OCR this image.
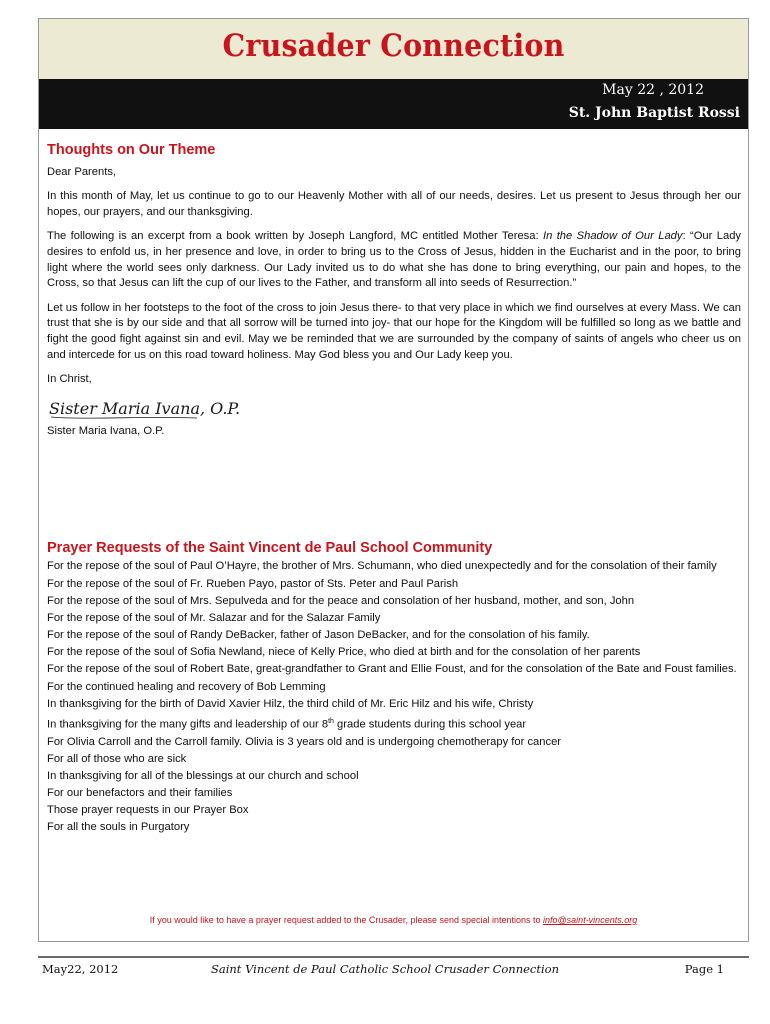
Crusader Connection
May 22 , 2012
St. John Baptist Rossi
Thoughts on Our Theme

Dear Parents,

In this month of May, let us continue to go to our Heavenly Mother with all of our needs, desires. Let us present to Jesus through her our hopes, our prayers, and our thanksgiving.

The following is an excerpt from a book written by Joseph Langford, MC entitled Mother Teresa: In the Shadow of Our Lady: “Our Lady desires to enfold us, in her presence and love, in order to bring us to the Cross of Jesus, hidden in the Eucharist and in the poor, to bring light where the world sees only darkness. Our Lady invited us to do what she has done to bring everything, our pain and hopes, to the Cross, so that Jesus can lift the cup of our lives to the Father, and transform all into seeds of Resurrection.”

Let us follow in her footsteps to the foot of the cross to join Jesus there- to that very place in which we find ourselves at every Mass. We can trust that she is by our side and that all sorrow will be turned into joy- that our hope for the Kingdom will be fulfilled so long as we battle and fight the good fight against sin and evil. May we be reminded that we are surrounded by the company of saints of angels who cheer us on and intercede for us on this road toward holiness. May God bless you and Our Lady keep you.

In Christ,

Sister Maria Ivana, O.P.

Sister Maria Ivana, O.P.

Prayer Requests of the Saint Vincent de Paul School Community
For the repose of the soul of Paul O’Hayre, the brother of Mrs. Schumann, who died unexpectedly and for the consolation of their family
For the repose of the soul of Fr. Rueben Payo, pastor of Sts. Peter and Paul Parish
For the repose of the soul of Mrs. Sepulveda and for the peace and consolation of her husband, mother, and son, John
For the repose of the soul of Mr. Salazar and for the Salazar Family
For the repose of the soul of Randy DeBacker, father of Jason DeBacker, and for the consolation of his family.
For the repose of the soul of Sofia Newland, niece of Kelly Price, who died at birth and for the consolation of her parents
For the repose of the soul of Robert Bate, great-grandfather to Grant and Ellie Foust, and for the consolation of the Bate and Foust families.
For the continued healing and recovery of Bob Lemming
In thanksgiving for the birth of David Xavier Hilz, the third child of Mr. Eric Hilz and his wife, Christy
In thanksgiving for the many gifts and leadership of our 8th grade students during this school year
For Olivia Carroll and the Carroll family. Olivia is 3 years old and is undergoing chemotherapy for cancer
For all of those who are sick
In thanksgiving for all of the blessings at our church and school
For our benefactors and their families
Those prayer requests in our Prayer Box
For all the souls in Purgatory
If you would like to have a prayer request added to the Crusader, please send special intentions to info@saint-vincents.org
May22, 2012	Saint Vincent de Paul Catholic School Crusader Connection	Page 1
